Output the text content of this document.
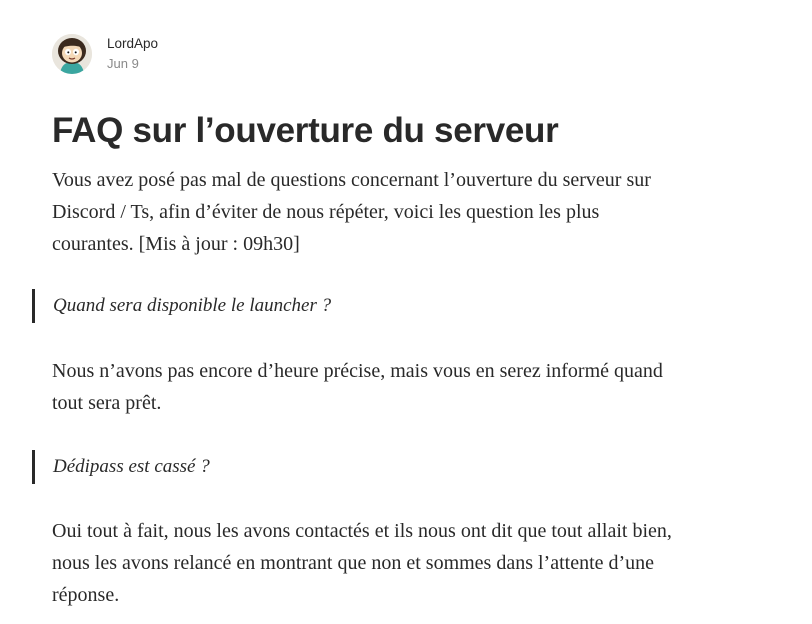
LordApo
Jun 9
FAQ sur l’ouverture du serveur

Vous avez posé pas mal de questions concernant l’ouverture du serveur sur
Discord / Ts, afin d’éviter de nous répéter, voici les question les plus
courantes. [Mis à jour : 09h30]

Quand sera disponible le launcher ?

Nous n’avons pas encore d’heure précise, mais vous en serez informé quand
tout sera prêt.

Dédipass est cassé ?

Oui tout à fait, nous les avons contactés et ils nous ont dit que tout allait bien,
nous les avons relancé en montrant que non et sommes dans l’attente d’une
réponse.
